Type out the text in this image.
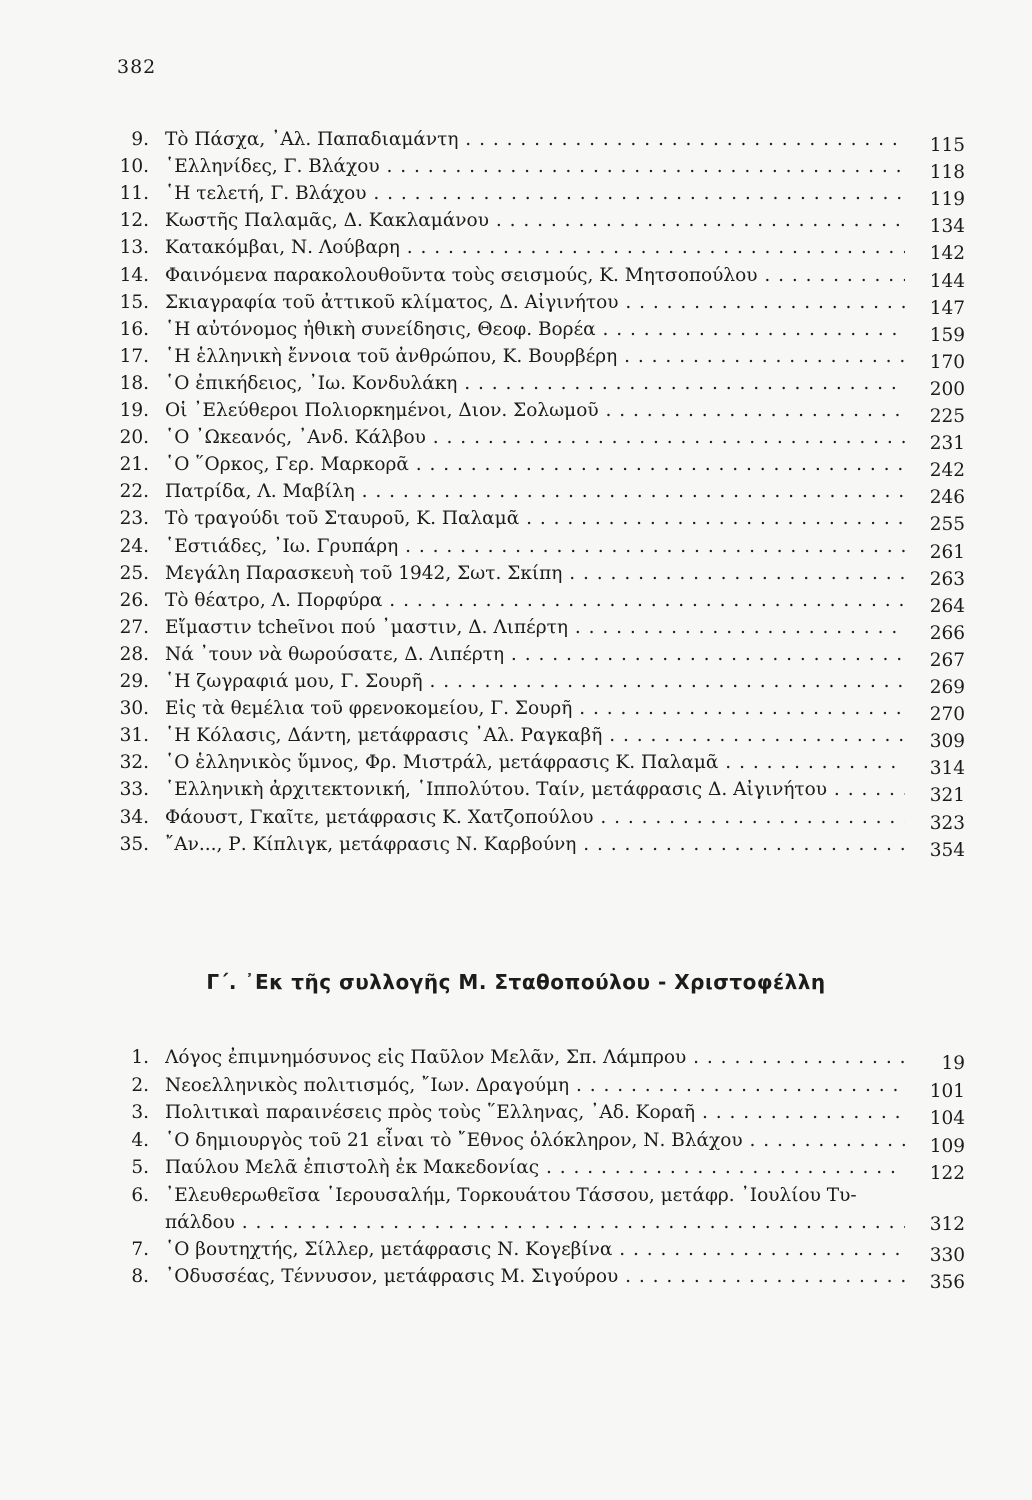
382
9. Τὸ Πάσχα, ᾿Αλ. Παπαδιαμάντη . . .	115
10. ῾Ελληνίδες, Γ. Βλάχου . . .	118
11. ῾Η τελετή, Γ. Βλάχου . . .	119
12. Κωστῆς Παλαμᾶς, Δ. Κακλαμάνου . . .	134
13. Κατακόμβαι, Ν. Λούβαρη . . .	142
14. Φαινόμενα παρακολουθοῦντα τοὺς σεισμούς, Κ. Μητσοπούλου . . .	144
15. Σκιαγραφία τοῦ ἀττικοῦ κλίματος, Δ. Αἰγινήτου . . .	147
16. ῾Η αὐτόνομος ἠθικὴ συνείδησις, Θεοφ. Βορέα . . .	159
17. ῾Η ἑλληνικὴ ἔννοια τοῦ ἀνθρώπου, Κ. Βουρβέρη . . .	170
18. ῾Ο ἐπικήδειος, ᾿Ιω. Κονδυλάκη . . .	200
19. Οἱ ᾿Ελεύθεροι Πολιορκημένοι, Διον. Σολωμοῦ . . .	225
20. ῾Ο ᾿Ωκεανός, ᾿Ανδ. Κάλβου . . .	231
21. ῾Ο ῞Ορκος, Γερ. Μαρκορᾶ . . .	242
22. Πατρίδα, Λ. Μαβίλη . . .	246
23. Τὸ τραγούδι τοῦ Σταυροῦ, Κ. Παλαμᾶ . . .	255
24. ῾Εστιάδες, ᾿Ιω. Γρυπάρη . . .	261
25. Μεγάλη Παρασκευὴ τοῦ 1942, Σωτ. Σκίπη . . .	263
26. Τὸ θέατρο, Λ. Πορφύρα . . .	264
27. Εἴμαστιν tcheῖνοι πού ᾿μαστιν, Δ. Λιπέρτη . . .	266
28. Νά ᾿τουν νὰ θωρούσατε, Δ. Λιπέρτη . . .	267
29. ῾Η ζωγραφιά μου, Γ. Σουρῆ . . .	269
30. Εἰς τὰ θεμέλια τοῦ φρενοκομείου, Γ. Σουρῆ . . .	270
31. ῾Η Κόλασις, Δάντη, μετάφρασις ᾿Αλ. Ραγκαβῆ . . .	309
32. ῾Ο ἑλληνικὸς ὕμνος, Φρ. Μιστράλ, μετάφρασις Κ. Παλαμᾶ . . .	314
33. ῾Ελληνικὴ ἀρχιτεκτονική, ῾Ιππολύτου. Ταίν, μετάφρασις Δ. Αἰγινήτου . . .	321
34. Φάουστ, Γκαῖτε, μετάφρασις Κ. Χατζοπούλου . . .	323
35. ῎Αν..., Ρ. Κίπλιγκ, μετάφρασις Ν. Καρβούνη . . .	354
1. Λόγος ἐπιμνημόσυνος εἰς Παῦλον Μελᾶν, Σπ. Λάμπρου . . .	19
2. Νεοελληνικὸς πολιτισμός, ῎Ιων. Δραγούμη . . .	101
3. Πολιτικαὶ παραινέσεις πρὸς τοὺς ῞Ελληνας, ᾿Αδ. Κοραῆ . . .	104
4. ῾Ο δημιουργὸς τοῦ 21 εἶναι τὸ ῎Εθνος ὁλόκληρον, Ν. Βλάχου . . .	109
5. Παύλου Μελᾶ ἐπιστολὴ ἐκ Μακεδονίας . . .	122
6. ᾿Ελευθερωθεῖσα ῾Ιερουσαλήμ, Τορκουάτου Τάσσου, μετάφρ. ᾿Ιουλίου Τυ-
πάλδου . . .	312
7. ῾Ο βουτηχτής, Σίλλερ, μετάφρασις Ν. Κογεβίνα . . .	330
8. ᾿Οδυσσέας, Τέννυσον, μετάφρασις Μ. Σιγούρου . . .	356
Γ΄. ᾿Εκ τῆς συλλογῆς Μ. Σταθοπούλου - Χριστοφέλλη
